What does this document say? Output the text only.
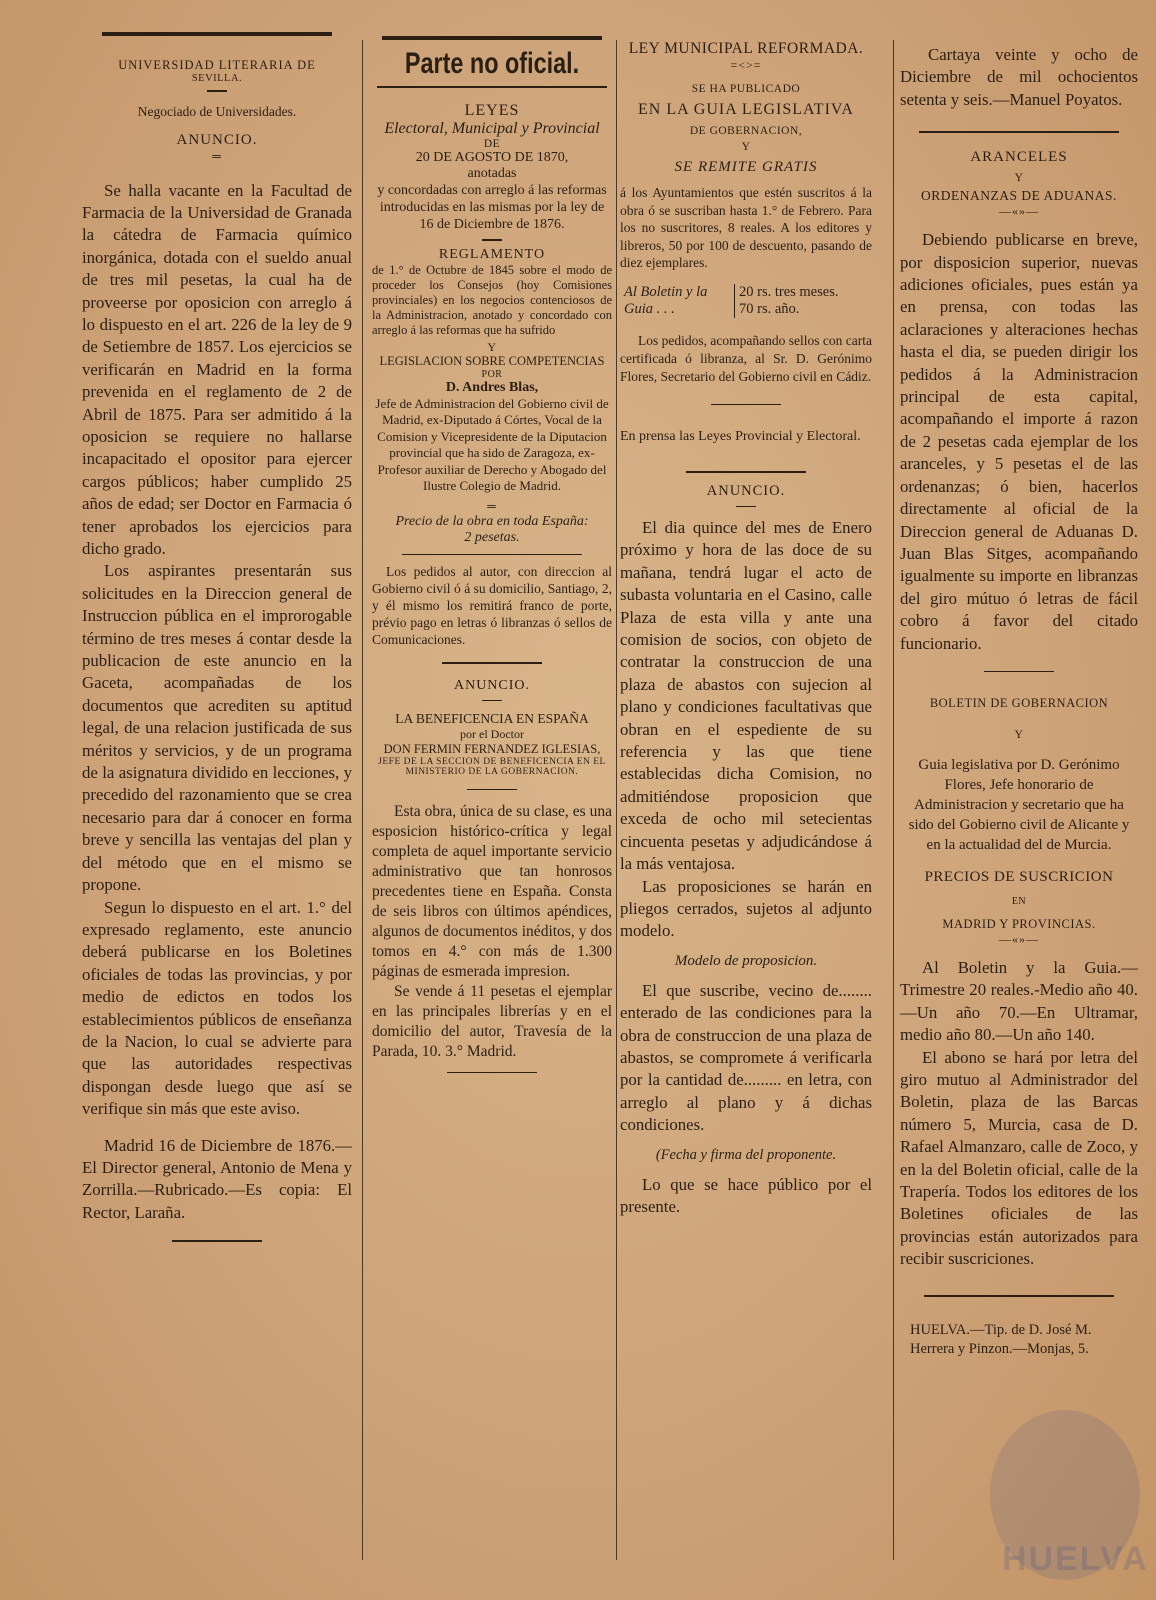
UNIVERSIDAD LITERARIA DE
SEVILLA.
Negociado de Universidades.
ANUNCIO.
═

Se halla vacante en la Facultad de Farmacia de la Universidad de Granada la cátedra de Farmacia químico inorgánica, dotada con el sueldo anual de tres mil pesetas, la cual ha de proveerse por oposicion con arreglo á lo dispuesto en el art. 226 de la ley de 9 de Setiembre de 1857. Los ejercicios se verificarán en Madrid en la forma prevenida en el reglamento de 2 de Abril de 1875. Para ser admitido á la oposicion se requiere no hallarse incapacitado el opositor para ejercer cargos públicos; haber cumplido 25 años de edad; ser Doctor en Farmacia ó tener aprobados los ejercicios para dicho grado.

Los aspirantes presentarán sus solicitudes en la Direccion general de Instruccion pública en el improrogable término de tres meses á contar desde la publicacion de este anuncio en la Gaceta, acompañadas de los documentos que acrediten su aptitud legal, de una relacion justificada de sus méritos y servicios, y de un programa de la asignatura dividido en lecciones, y precedido del razonamiento que se crea necesario para dar á conocer en forma breve y sencilla las ventajas del plan y del método que en el mismo se propone.

Segun lo dispuesto en el art. 1.° del expresado reglamento, este anuncio deberá publicarse en los Boletines oficiales de todas las provincias, y por medio de edictos en todos los establecimientos públicos de enseñanza de la Nacion, lo cual se advierte para que las autoridades respectivas dispongan desde luego que así se verifique sin más que este aviso.

Madrid 16 de Diciembre de 1876.—El Director general, Antonio de Mena y Zorrilla.—Rubricado.—Es copia: El Rector, Laraña.

Parte no oficial.
LEYES
Electoral, Municipal y Provincial
DE
20 DE AGOSTO DE 1870,
anotadas

y concordadas con arreglo á las reformas introducidas en las mismas por la ley de 16 de Diciembre de 1876.

REGLAMENTO

de 1.° de Octubre de 1845 sobre el modo de proceder los Consejos (hoy Comisiones provinciales) en los negocios contenciosos de la Administracion, anotado y concordado con arreglo á las reformas que ha sufrido

Y
LEGISLACION SOBRE COMPETENCIAS
POR
D. Andres Blas,

Jefe de Administracion del Gobierno civil de Madrid, ex-Diputado á Córtes, Vocal de la Comision y Vicepresidente de la Diputacion provincial que ha sido de Zaragoza, ex-Profesor auxiliar de Derecho y Abogado del Ilustre Colegio de Madrid.

═
Precio de la obra en toda España:
2 pesetas.

Los pedidos al autor, con direccion al Gobierno civil ó á su domicilio, Santiago, 2, y él mismo los remitirá franco de porte, prévio pago en letras ó libranzas ó sellos de Comunicaciones.

ANUNCIO.
LA BENEFICENCIA EN ESPAÑA
por el Doctor
DON FERMIN FERNANDEZ IGLESIAS,
JEFE DE LA SECCION DE BENEFICENCIA EN EL MINISTERIO DE LA GOBERNACION.

Esta obra, única de su clase, es una esposicion histórico-crítica y legal completa de aquel importante servicio administrativo que tan honrosos precedentes tiene en España. Consta de seis libros con últimos apéndices, algunos de documentos inéditos, y dos tomos en 4.° con más de 1.300 páginas de esmerada impresion.

Se vende á 11 pesetas el ejemplar en las principales librerías y en el domicilio del autor, Travesía de la Parada, 10. 3.° Madrid.

LEY MUNICIPAL REFORMADA.
=<>=
SE HA PUBLICADO
EN LA GUIA LEGISLATIVA
DE GOBERNACION,
Y
SE REMITE GRATIS

á los Ayuntamientos que estén suscritos á la obra ó se suscriban hasta 1.° de Febrero. Para los no suscritores, 8 reales. A los editores y libreros, 50 por 100 de descuento, pasando de diez ejemplares.

Al Boletin y la Guia . . .
20 rs. tres meses.
70 rs. año.

Los pedidos, acompañando sellos con carta certificada ó libranza, al Sr. D. Gerónimo Flores, Secretario del Gobierno civil en Cádiz.

En prensa las Leyes Provincial y Electoral.

ANUNCIO.

El dia quince del mes de Enero próximo y hora de las doce de su mañana, tendrá lugar el acto de subasta voluntaria en el Casino, calle Plaza de esta villa y ante una comision de socios, con objeto de contratar la construccion de una plaza de abastos con sujecion al plano y condiciones facultativas que obran en el espediente de su referencia y las que tiene establecidas dicha Comision, no admitiéndose proposicion que exceda de ocho mil setecientas cincuenta pesetas y adjudicándose á la más ventajosa.

Las proposiciones se harán en pliegos cerrados, sujetos al adjunto modelo.

Modelo de proposicion.

El que suscribe, vecino de........ enterado de las condiciones para la obra de construccion de una plaza de abastos, se compromete á verificarla por la cantidad de......... en letra, con arreglo al plano y á dichas condiciones.

(Fecha y firma del proponente.

Lo que se hace público por el presente.

Cartaya veinte y ocho de Diciembre de mil ochocientos setenta y seis.—Manuel Poyatos.

ARANCELES
Y
ORDENANZAS DE ADUANAS.
—«»—

Debiendo publicarse en breve, por disposicion superior, nuevas adiciones oficiales, pues están ya en prensa, con todas las aclaraciones y alteraciones hechas hasta el dia, se pueden dirigir los pedidos á la Administracion principal de esta capital, acompañando el importe á razon de 2 pesetas cada ejemplar de los aranceles, y 5 pesetas el de las ordenanzas; ó bien, hacerlos directamente al oficial de la Direccion general de Aduanas D. Juan Blas Sitges, acompañando igualmente su importe en libranzas del giro mútuo ó letras de fácil cobro á favor del citado funcionario.

BOLETIN DE GOBERNACION
Y

Guia legislativa por D. Gerónimo Flores, Jefe honorario de Administracion y secretario que ha sido del Gobierno civil de Alicante y en la actualidad del de Murcia.

PRECIOS DE SUSCRICION
EN
MADRID Y PROVINCIAS.
—«»—

Al Boletin y la Guia.—Trimestre 20 reales.-Medio año 40.—Un año 70.—En Ultramar, medio año 80.—Un año 140.

El abono se hará por letra del giro mutuo al Administrador del Boletin, plaza de las Barcas número 5, Murcia, casa de D. Rafael Almanzaro, calle de Zoco, y en la del Boletin oficial, calle de la Trapería. Todos los editores de los Boletines oficiales de las provincias están autorizados para recibir suscriciones.

HUELVA.—Tip. de D. José M. Herrera y Pinzon.—Monjas, 5.

HUELVA
